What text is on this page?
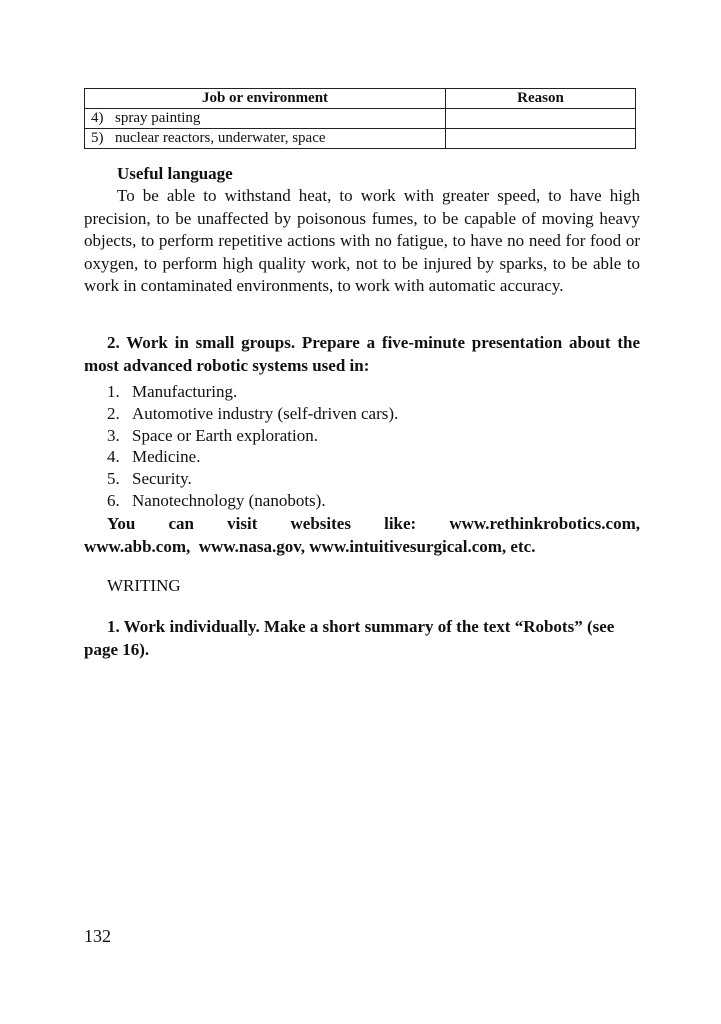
Job or environment	Reason
4) spray painting	
5) nuclear reactors, underwater, space	
Useful language
To be able to withstand heat, to work with greater speed, to have high precision, to be unaffected by poisonous fumes, to be capable of moving heavy objects, to perform repetitive actions with no fatigue, to have no need for food or oxygen, to perform high quality work, not to be injured by sparks, to be able to work in contaminated environments, to work with automatic accuracy.
2. Work in small groups. Prepare a five-minute presentation about the most advanced robotic systems used in:
1. Manufacturing.
2. Automotive industry (self-driven cars).
3. Space or Earth exploration.
4. Medicine.
5. Security.
6. Nanotechnology (nanobots).
You can visit websites like: www.rethinkrobotics.com,
www.abb.com,  www.nasa.gov, www.intuitivesurgical.com, etc.
WRITING
1. Work individually. Make a short summary of the text “Robots” (see page 16).
132
